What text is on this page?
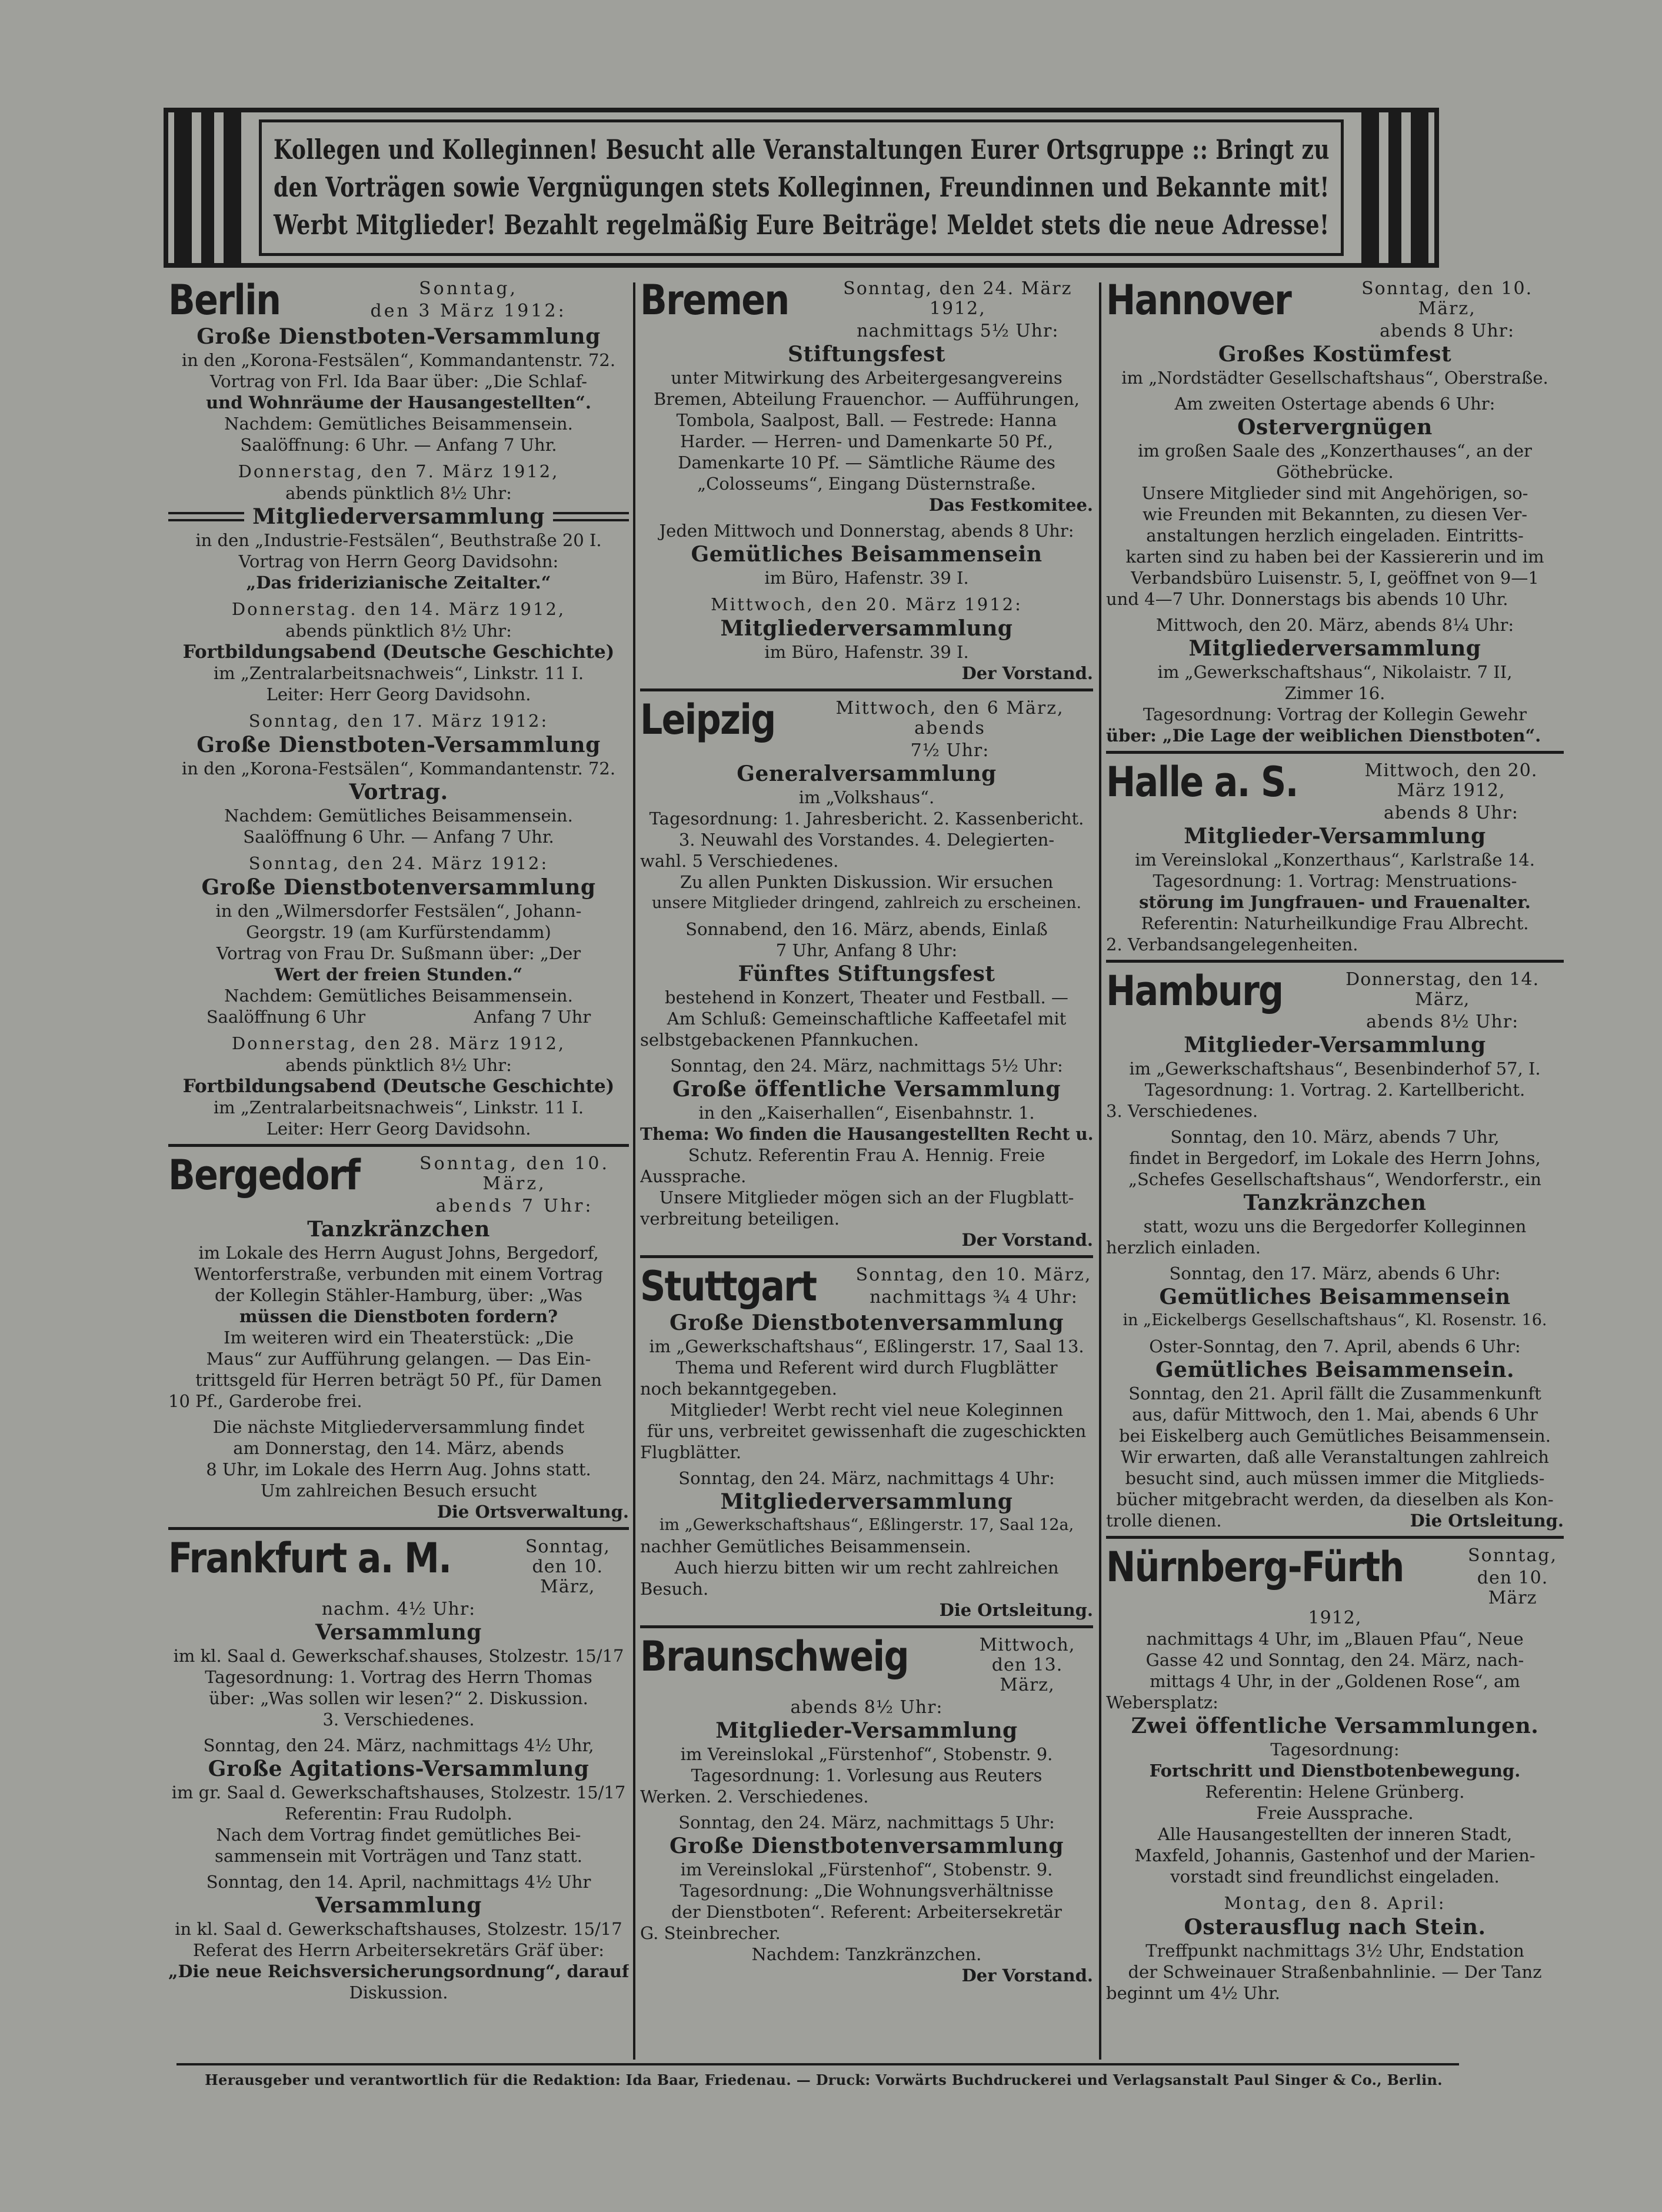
Kollegen und Kolleginnen! Besucht alle Veranstaltungen Eurer Ortsgruppe :: Bringt zu
den Vorträgen sowie Vergnügungen stets Kolleginnen, Freundinnen und Bekannte mit!
Werbt Mitglieder! Bezahlt regelmäßig Eure Beiträge! Meldet stets die neue Adresse!
Berlin	Sonntag,
den 3 März 1912:
Große Dienstboten-Versammlung
in den „Korona-Festsälen“, Kommandantenstr. 72.
Vortrag von Frl. Ida Baar über: „Die Schlaf-
und Wohnräume der Hausangestellten“.
Nachdem: Gemütliches Beisammensein.
Saalöffnung: 6 Uhr. — Anfang 7 Uhr.
Donnerstag, den 7. März 1912,
abends pünktlich 8½ Uhr:
Mitgliederversammlung
in den „Industrie-Festsälen“, Beuthstraße 20 I.
Vortrag von Herrn Georg Davidsohn:
„Das friderizianische Zeitalter.“
Donnerstag. den 14. März 1912,
abends pünktlich 8½ Uhr:
Fortbildungsabend (Deutsche Geschichte)
im „Zentralarbeitsnachweis“, Linkstr. 11 I.
Leiter: Herr Georg Davidsohn.
Sonntag, den 17. März 1912:
Große Dienstboten-Versammlung
in den „Korona-Festsälen“, Kommandantenstr. 72.
Vortrag.
Nachdem: Gemütliches Beisammensein.
Saalöffnung 6 Uhr. — Anfang 7 Uhr.
Sonntag, den 24. März 1912:
Große Dienstbotenversammlung
in den „Wilmersdorfer Festsälen“, Johann-
Georgstr. 19 (am Kurfürstendamm)
Vortrag von Frau Dr. Sußmann über: „Der
Wert der freien Stunden.“
Nachdem: Gemütliches Beisammensein.
Saalöffnung 6 Uhr                    Anfang 7 Uhr
Donnerstag, den 28. März 1912,
abends pünktlich 8½ Uhr:
Fortbildungsabend (Deutsche Geschichte)
im „Zentralarbeitsnachweis“, Linkstr. 11 I.
Leiter: Herr Georg Davidsohn.
Bergedorf	Sonntag, den 10. März,
abends 7 Uhr:
Tanzkränzchen
im Lokale des Herrn August Johns, Bergedorf,
Wentorferstraße, verbunden mit einem Vortrag
der Kollegin Stähler-Hamburg, über: „Was
müssen die Dienstboten fordern?
Im weiteren wird ein Theaterstück: „Die
Maus“ zur Aufführung gelangen. — Das Ein-
trittsgeld für Herren beträgt 50 Pf., für Damen
10 Pf., Garderobe frei.
Die nächste Mitgliederversammlung findet
am Donnerstag, den 14. März, abends
8 Uhr, im Lokale des Herrn Aug. Johns statt.
Um zahlreichen Besuch ersucht
Die Ortsverwaltung.
Frankfurt a. M.	Sonntag, den 10. März,
nachm. 4½ Uhr:
Versammlung
im kl. Saal d. Gewerkschaf.shauses, Stolzestr. 15/17
Tagesordnung: 1. Vortrag des Herrn Thomas
über: „Was sollen wir lesen?“ 2. Diskussion.
3. Verschiedenes.
Sonntag, den 24. März, nachmittags 4½ Uhr,
Große Agitations-Versammlung
im gr. Saal d. Gewerkschaftshauses, Stolzestr. 15/17
Referentin: Frau Rudolph.
Nach dem Vortrag findet gemütliches Bei-
sammensein mit Vorträgen und Tanz statt.
Sonntag, den 14. April, nachmittags 4½ Uhr
Versammlung
in kl. Saal d. Gewerkschaftshauses, Stolzestr. 15/17
Referat des Herrn Arbeitersekretärs Gräf über:
„Die neue Reichsversicherungsordnung“, darauf
Diskussion.
Bremen	Sonntag, den 24. März 1912,
nachmittags 5½ Uhr:
Stiftungsfest
unter Mitwirkung des Arbeitergesangvereins
Bremen, Abteilung Frauenchor. — Aufführungen,
Tombola, Saalpost, Ball. — Festrede: Hanna
Harder. — Herren- und Damenkarte 50 Pf.,
Damenkarte 10 Pf. — Sämtliche Räume des
„Colosseums“, Eingang Düsternstraße.
Das Festkomitee.
Jeden Mittwoch und Donnerstag, abends 8 Uhr:
Gemütliches Beisammensein
im Büro, Hafenstr. 39 I.
Mittwoch, den 20. März 1912:
Mitgliederversammlung
im Büro, Hafenstr. 39 I.
Der Vorstand.
Leipzig	Mittwoch, den 6 März, abends
7½ Uhr:
Generalversammlung
im „Volkshaus“.
Tagesordnung: 1. Jahresbericht. 2. Kassenbericht.
3. Neuwahl des Vorstandes. 4. Delegierten-
wahl. 5 Verschiedenes.
Zu allen Punkten Diskussion. Wir ersuchen
unsere Mitglieder dringend, zahlreich zu erscheinen.
Sonnabend, den 16. März, abends, Einlaß
7 Uhr, Anfang 8 Uhr:
Fünftes Stiftungsfest
bestehend in Konzert, Theater und Festball. —
Am Schluß: Gemeinschaftliche Kaffeetafel mit
selbstgebackenen Pfannkuchen.
Sonntag, den 24. März, nachmittags 5½ Uhr:
Große öffentliche Versammlung
in den „Kaiserhallen“, Eisenbahnstr. 1.
Thema: Wo finden die Hausangestellten Recht u.
Schutz. Referentin Frau A. Hennig. Freie
Aussprache.
Unsere Mitglieder mögen sich an der Flugblatt-
verbreitung beteiligen.
Der Vorstand.
Stuttgart	Sonntag, den 10. März,
nachmittags ¾ 4 Uhr:
Große Dienstbotenversammlung
im „Gewerkschaftshaus“, Eßlingerstr. 17, Saal 13.
Thema und Referent wird durch Flugblätter
noch bekanntgegeben.
Mitglieder! Werbt recht viel neue Koleginnen
für uns, verbreitet gewissenhaft die zugeschickten
Flugblätter.
Sonntag, den 24. März, nachmittags 4 Uhr:
Mitgliederversammlung
im „Gewerkschaftshaus“, Eßlingerstr. 17, Saal 12a,
nachher Gemütliches Beisammensein.
Auch hierzu bitten wir um recht zahlreichen
Besuch.
Die Ortsleitung.
Braunschweig	Mittwoch, den 13. März,
abends 8½ Uhr:
Mitglieder-Versammlung
im Vereinslokal „Fürstenhof“, Stobenstr. 9.
Tagesordnung: 1. Vorlesung aus Reuters
Werken. 2. Verschiedenes.
Sonntag, den 24. März, nachmittags 5 Uhr:
Große Dienstbotenversammlung
im Vereinslokal „Fürstenhof“, Stobenstr. 9.
Tagesordnung: „Die Wohnungsverhältnisse
der Dienstboten“. Referent: Arbeitersekretär
G. Steinbrecher.
Nachdem: Tanzkränzchen.
Der Vorstand.
Hannover	Sonntag, den 10. März,
abends 8 Uhr:
Großes Kostümfest
im „Nordstädter Gesellschaftshaus“, Oberstraße.
Am zweiten Ostertage abends 6 Uhr:
Ostervergnügen
im großen Saale des „Konzerthauses“, an der
Göthebrücke.
Unsere Mitglieder sind mit Angehörigen, so-
wie Freunden mit Bekannten, zu diesen Ver-
anstaltungen herzlich eingeladen. Eintritts-
karten sind zu haben bei der Kassiererin und im
Verbandsbüro Luisenstr. 5, I, geöffnet von 9—1
und 4—7 Uhr. Donnerstags bis abends 10 Uhr.
Mittwoch, den 20. März, abends 8¼ Uhr:
Mitgliederversammlung
im „Gewerkschaftshaus“, Nikolaistr. 7 II,
Zimmer 16.
Tagesordnung: Vortrag der Kollegin Gewehr
über: „Die Lage der weiblichen Dienstboten“.
Halle a. S.	Mittwoch, den 20. März 1912,
abends 8 Uhr:
Mitglieder-Versammlung
im Vereinslokal „Konzerthaus“, Karlstraße 14.
Tagesordnung: 1. Vortrag: Menstruations-
störung im Jungfrauen- und Frauenalter.
Referentin: Naturheilkundige Frau Albrecht.
2. Verbandsangelegenheiten.
Hamburg	Donnerstag, den 14. März,
abends 8½ Uhr:
Mitglieder-Versammlung
im „Gewerkschaftshaus“, Besenbinderhof 57, I.
Tagesordnung: 1. Vortrag. 2. Kartellbericht.
3. Verschiedenes.
Sonntag, den 10. März, abends 7 Uhr,
findet in Bergedorf, im Lokale des Herrn Johns,
„Schefes Gesellschaftshaus“, Wendorferstr., ein
Tanzkränzchen
statt, wozu uns die Bergedorfer Kolleginnen
herzlich einladen.
Sonntag, den 17. März, abends 6 Uhr:
Gemütliches Beisammensein
in „Eickelbergs Gesellschaftshaus“, Kl. Rosenstr. 16.
Oster-Sonntag, den 7. April, abends 6 Uhr:
Gemütliches Beisammensein.
Sonntag, den 21. April fällt die Zusammenkunft
aus, dafür Mittwoch, den 1. Mai, abends 6 Uhr
bei Eiskelberg auch Gemütliches Beisammensein.
Wir erwarten, daß alle Veranstaltungen zahlreich
besucht sind, auch müssen immer die Mitglieds-
bücher mitgebracht werden, da dieselben als Kon-
trolle dienen.	Die Ortsleitung.
Nürnberg-Fürth	Sonntag,
den 10. März 1912,
nachmittags 4 Uhr, im „Blauen Pfau“, Neue
Gasse 42 und Sonntag, den 24. März, nach-
mittags 4 Uhr, in der „Goldenen Rose“, am
Webersplatz:
Zwei öffentliche Versammlungen.
Tagesordnung:
Fortschritt und Dienstbotenbewegung.
Referentin: Helene Grünberg.
Freie Aussprache.
Alle Hausangestellten der inneren Stadt,
Maxfeld, Johannis, Gastenhof und der Marien-
vorstadt sind freundlichst eingeladen.
Montag, den 8. April:
Osterausflug nach Stein.
Treffpunkt nachmittags 3½ Uhr, Endstation
der Schweinauer Straßenbahnlinie. — Der Tanz
beginnt um 4½ Uhr.
Herausgeber und verantwortlich für die Redaktion: Ida Baar, Friedenau. — Druck: Vorwärts Buchdruckerei und Verlagsanstalt Paul Singer & Co., Berlin.
